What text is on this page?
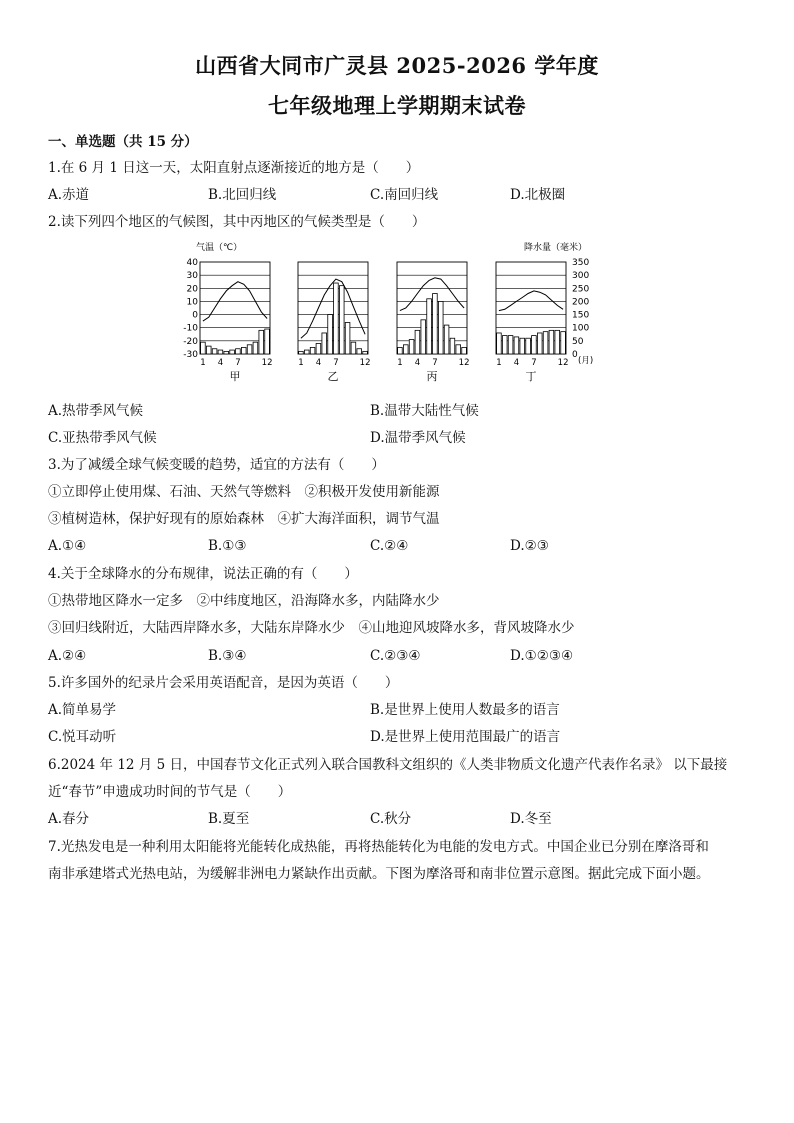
山西省大同市广灵县 2025-2026 学年度
七年级地理上学期期末试卷
一、单选题（共 15 分）
1.在 6 月 1 日这一天，太阳直射点逐渐接近的地方是（　　）
A.赤道	B.北回归线	C.南回归线	D.北极圈
2.读下列四个地区的气候图，其中丙地区的气候类型是（　　）
气温（℃）	降水量（毫米）
40
30
20
10
0
-10
-20
-30
350
300
250
200
150
100
50
0
1 4 7 12
甲
1 4 7 12
乙
1 4 7 12
丙
1 4 7 12
丁
(月)
A.热带季风气候	B.温带大陆性气候
C.亚热带季风气候	D.温带季风气候
3.为了减缓全球气候变暖的趋势，适宜的方法有（　　）
①立即停止使用煤、石油、天然气等燃料　②积极开发使用新能源
③植树造林，保护好现有的原始森林　④扩大海洋面积，调节气温
A.①④	B.①③	C.②④	D.②③
4.关于全球降水的分布规律，说法正确的有（　　）
①热带地区降水一定多　②中纬度地区，沿海降水多，内陆降水少
③回归线附近，大陆西岸降水多，大陆东岸降水少　④山地迎风坡降水多，背风坡降水少
A.②④	B.③④	C.②③④	D.①②③④
5.许多国外的纪录片会采用英语配音，是因为英语（　　）
A.简单易学	B.是世界上使用人数最多的语言
C.悦耳动听	D.是世界上使用范围最广的语言
6.2024 年 12 月 5 日，中国春节文化正式列入联合国教科文组织的《人类非物质文化遗产代表作名录》 以下最接
近“春节”申遗成功时间的节气是（　　）
A.春分	B.夏至	C.秋分	D.冬至
7.光热发电是一种利用太阳能将光能转化成热能，再将热能转化为电能的发电方式。中国企业已分别在摩洛哥和
南非承建塔式光热电站，为缓解非洲电力紧缺作出贡献。下图为摩洛哥和南非位置示意图。据此完成下面小题。
